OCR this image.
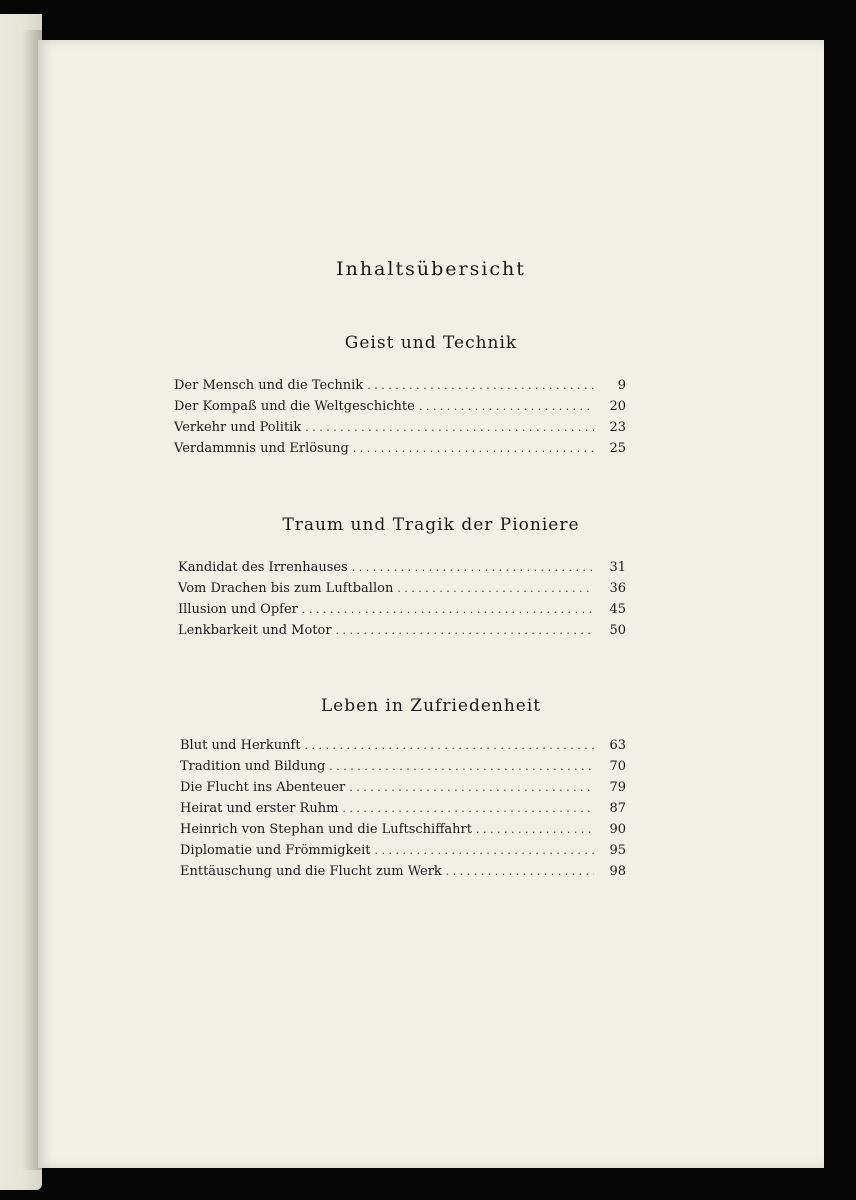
Inhaltsübersicht
Geist und Technik
Der Mensch und die Technik . . .	9
Der Kompaß und die Weltgeschichte . . .	20
Verkehr und Politik . . .	23
Verdammnis und Erlösung . . .	25
Traum und Tragik der Pioniere
Kandidat des Irrenhauses . . .	31
Vom Drachen bis zum Luftballon . . .	36
Illusion und Opfer . . .	45
Lenkbarkeit und Motor . . .	50
Leben in Zufriedenheit
Blut und Herkunft . . .	63
Tradition und Bildung . . .	70
Die Flucht ins Abenteuer . . .	79
Heirat und erster Ruhm . . .	87
Heinrich von Stephan und die Luftschiffahrt . . .	90
Diplomatie und Frömmigkeit . . .	95
Enttäuschung und die Flucht zum Werk . . .	98
